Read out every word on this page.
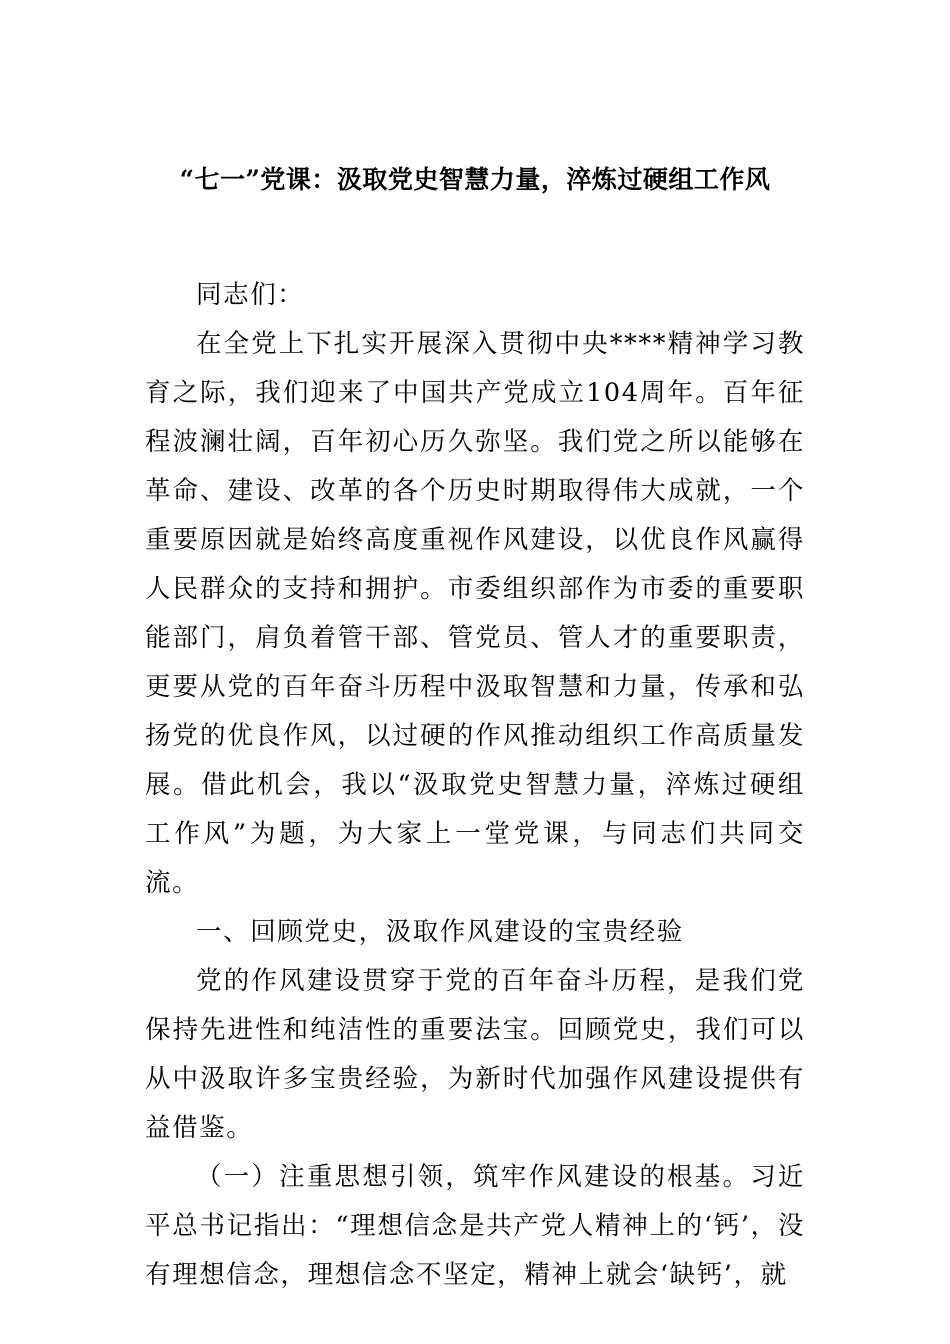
“七一”党课：汲取党史智慧力量，淬炼过硬组工作风

同志们：

在全党上下扎实开展深入贯彻中央****精神学习教育之际，我们迎来了中国共产党成立104周年。百年征程波澜壮阔，百年初心历久弥坚。我们党之所以能够在革命、建设、改革的各个历史时期取得伟大成就，一个重要原因就是始终高度重视作风建设，以优良作风赢得人民群众的支持和拥护。市委组织部作为市委的重要职能部门，肩负着管干部、管党员、管人才的重要职责，更要从党的百年奋斗历程中汲取智慧和力量，传承和弘扬党的优良作风，以过硬的作风推动组织工作高质量发展。借此机会，我以“汲取党史智慧力量，淬炼过硬组工作风”为题，为大家上一堂党课，与同志们共同交流。

一、回顾党史，汲取作风建设的宝贵经验

党的作风建设贯穿于党的百年奋斗历程，是我们党保持先进性和纯洁性的重要法宝。回顾党史，我们可以从中汲取许多宝贵经验，为新时代加强作风建设提供有益借鉴。

（一）注重思想引领，筑牢作风建设的根基。习近平总书记指出：“理想信念是共产党人精神上的‘钙’，没有理想信念，理想信念不坚定，精神上就会‘缺钙’，就
